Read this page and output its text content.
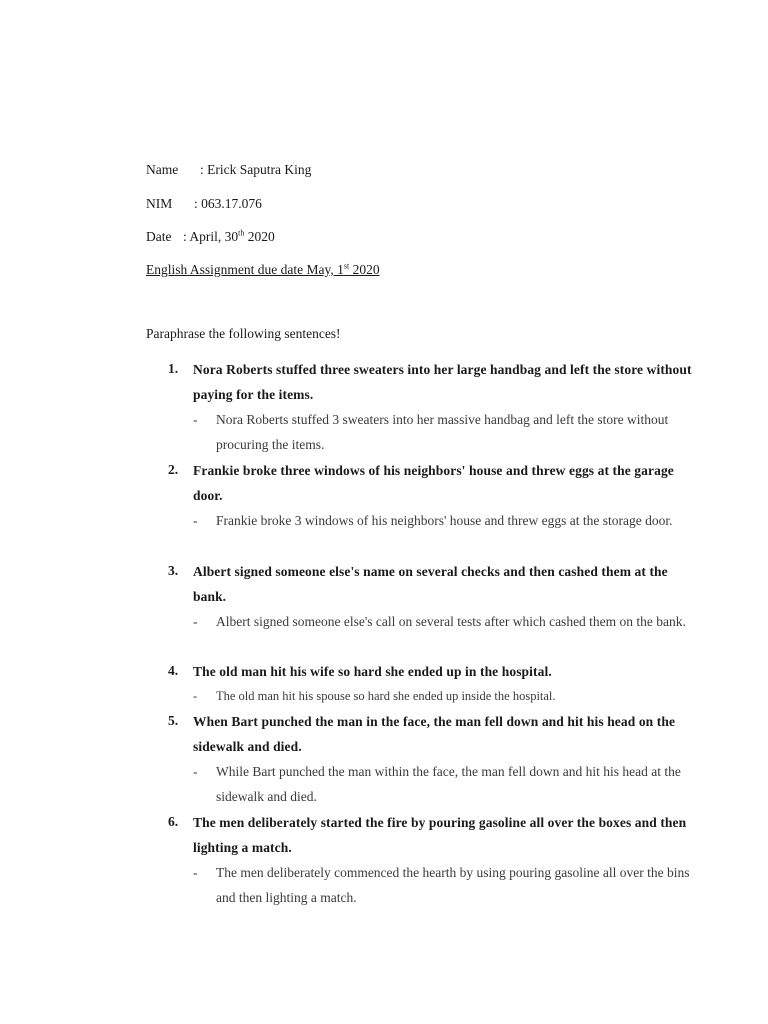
Name : Erick Saputra King
NIM : 063.17.076
Date : April, 30th 2020
English Assignment due date May, 1st 2020
Paraphrase the following sentences!
1. Nora Roberts stuffed three sweaters into her large handbag and left the store without paying for the items.
-	Nora Roberts stuffed 3 sweaters into her massive handbag and left the store without procuring the items.
2. Frankie broke three windows of his neighbors' house and threw eggs at the garage door.
-	Frankie broke 3 windows of his neighbors' house and threw eggs at the storage door.
3. Albert signed someone else's name on several checks and then cashed them at the bank.
-	Albert signed someone else's call on several tests after which cashed them on the bank.
4. The old man hit his wife so hard she ended up in the hospital.
-	The old man hit his spouse so hard she ended up inside the hospital.
5. When Bart punched the man in the face, the man fell down and hit his head on the sidewalk and died.
-	While Bart punched the man within the face, the man fell down and hit his head at the sidewalk and died.
6. The men deliberately started the fire by pouring gasoline all over the boxes and then lighting a match.
-	The men deliberately commenced the hearth by using pouring gasoline all over the bins and then lighting a match.
